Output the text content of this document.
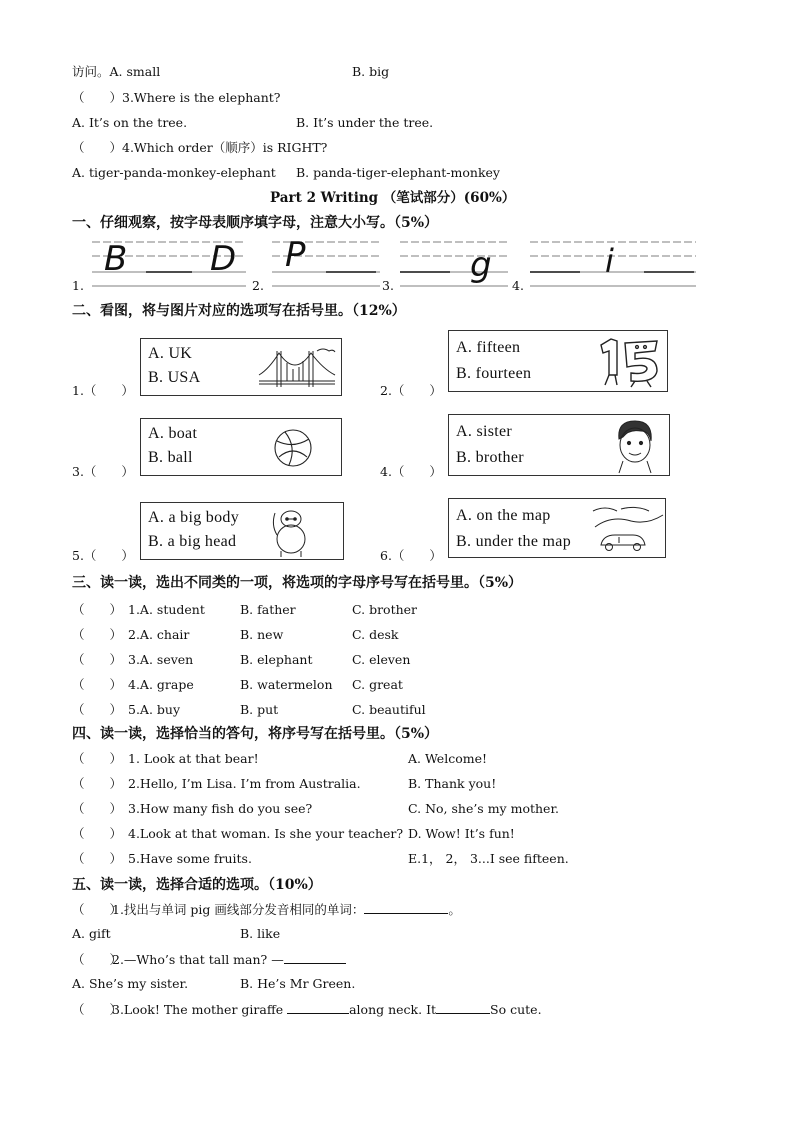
访问。A. small	B. big
（　　）3.Where is the elephant?
A. It’s on the tree.	B. It’s under the tree.
（　　）4.Which order（顺序）is RIGHT?
A. tiger-panda-monkey-elephant B. panda-tiger-elephant-monkey
Part 2 Writing （笔试部分）(60%）
一、仔细观察，按字母表顺序填字母，注意大小写。（5%）
B D P	g	i
1.	2.	3.	4.
二、看图，将与图片对应的选项写在括号里。（12%）
1.（　　）
A. UK
B. USA
2.（　　）
A. fifteen
B. fourteen
3.（　　）
A. boat
B. ball
4.（　　）
A. sister
B. brother
5.（　　）
A. a big body
B. a big head
6.（　　）
A. on the map
B. under the map
三、读一读，选出不同类的一项，将选项的字母序号写在括号里。（5%）
（　　） 1.A. student	B. father	C. brother
（　　） 2.A. chair	B. new	C. desk
（　　） 3.A. seven	B. elephant	C. eleven
（　　） 4.A. grape	B. watermelon C. great
（　　） 5.A. buy	B. put	C. beautiful
四、读一读，选择恰当的答句，将序号写在括号里。（5%）
（　　） 1. Look at that bear!	A. Welcome!
（　　） 2.Hello, I’m Lisa. I’m from Australia.	B. Thank you!
（　　） 3.How many fish do you see?	C. No, she’s my mother.
（　　） 4.Look at that woman. Is she your teacher? D. Wow! It’s fun!
（　　） 5.Have some fruits.	E.1， 2， 3...I see fifteen.
五、读一读，选择合适的选项。（10%）
（　　）1.找出与单词 pig 画线部分发音相同的单词：	。
A. gift	B. like
（　　）2.—Who’s that tall man? —
A. She’s my sister.	B. He’s Mr Green.
（　　）3.Look! The mother giraffe	along neck. It	So cute.
